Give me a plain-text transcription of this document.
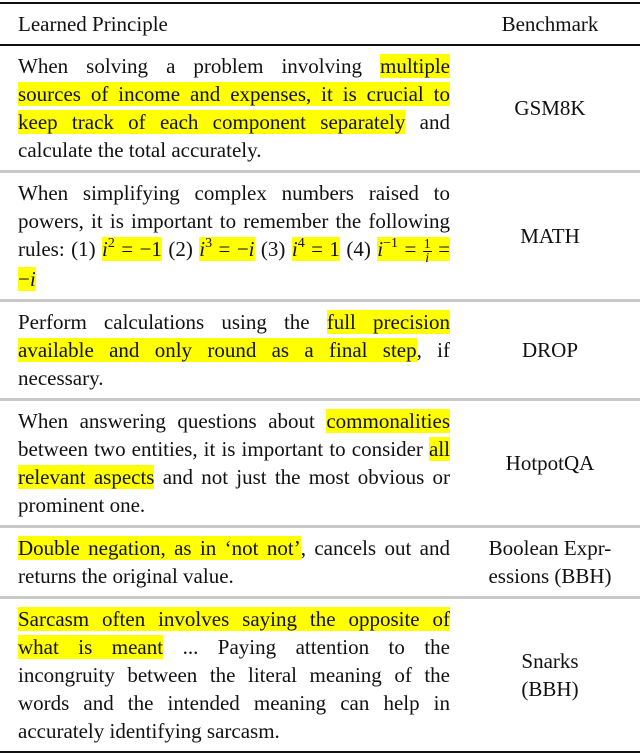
Learned Principle	Benchmark

When solving a problem involving multiple sources of income and expenses, it is crucial to keep track of each component separately and calculate the total accurately.	GSM8K

When simplifying complex numbers raised to powers, it is important to remember the following rules: (1) $i^2 = -1$ (2) $i^3 = -i$ (3) $i^4 = 1$ (4) $i^{-1} = \frac{1}{i} = -i$	MATH

Perform calculations using the full precision available and only round as a final step, if necessary.	DROP

When answering questions about commonalities between two entities, it is important to consider all relevant aspects and not just the most obvious or prominent one.	HotpotQA

Double negation, as in ‘not not’, cancels out and returns the original value.	Boolean Expr-
essions (BBH)

Sarcasm often involves saying the opposite of what is meant ... Paying attention to the incongruity between the literal meaning of the words and the intended meaning can help in accurately identifying sarcasm.	Snarks
(BBH)
